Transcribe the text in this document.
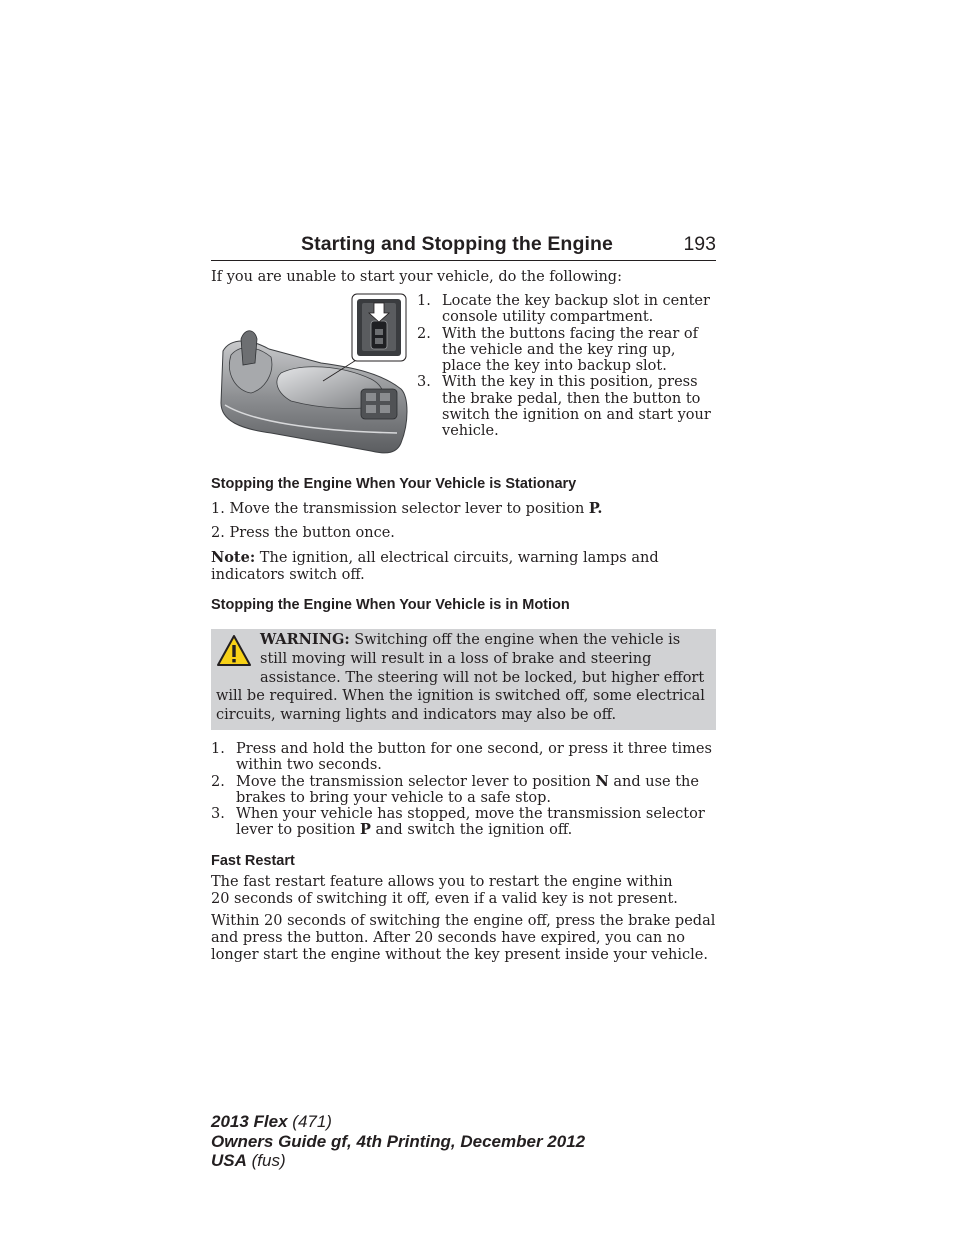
Starting and Stopping the Engine	193

If you are unable to start your vehicle, do the following:

1. Locate the key backup slot in center console utility compartment.
2. With the buttons facing the rear of the vehicle and the key ring up, place the key into backup slot.
3. With the key in this position, press the brake pedal, then the button to switch the ignition on and start your vehicle.
Stopping the Engine When Your Vehicle is Stationary

1. Move the transmission selector lever to position P.

2. Press the button once.

Note: The ignition, all electrical circuits, warning lamps and indicators switch off.

Stopping the Engine When Your Vehicle is in Motion
WARNING: Switching off the engine when the vehicle is still moving will result in a loss of brake and steering assistance. The steering will not be locked, but higher effort will be required. When the ignition is switched off, some electrical circuits, warning lights and indicators may also be off.
1. Press and hold the button for one second, or press it three times within two seconds.
2. Move the transmission selector lever to position N and use the brakes to bring your vehicle to a safe stop.
3. When your vehicle has stopped, move the transmission selector lever to position P and switch the ignition off.
Fast Restart

The fast restart feature allows you to restart the engine within
20 seconds of switching it off, even if a valid key is not present.

Within 20 seconds of switching the engine off, press the brake pedal and press the button. After 20 seconds have expired, you can no longer start the engine without the key present inside your vehicle.

2013 Flex (471)
Owners Guide gf, 4th Printing, December 2012
USA (fus)
